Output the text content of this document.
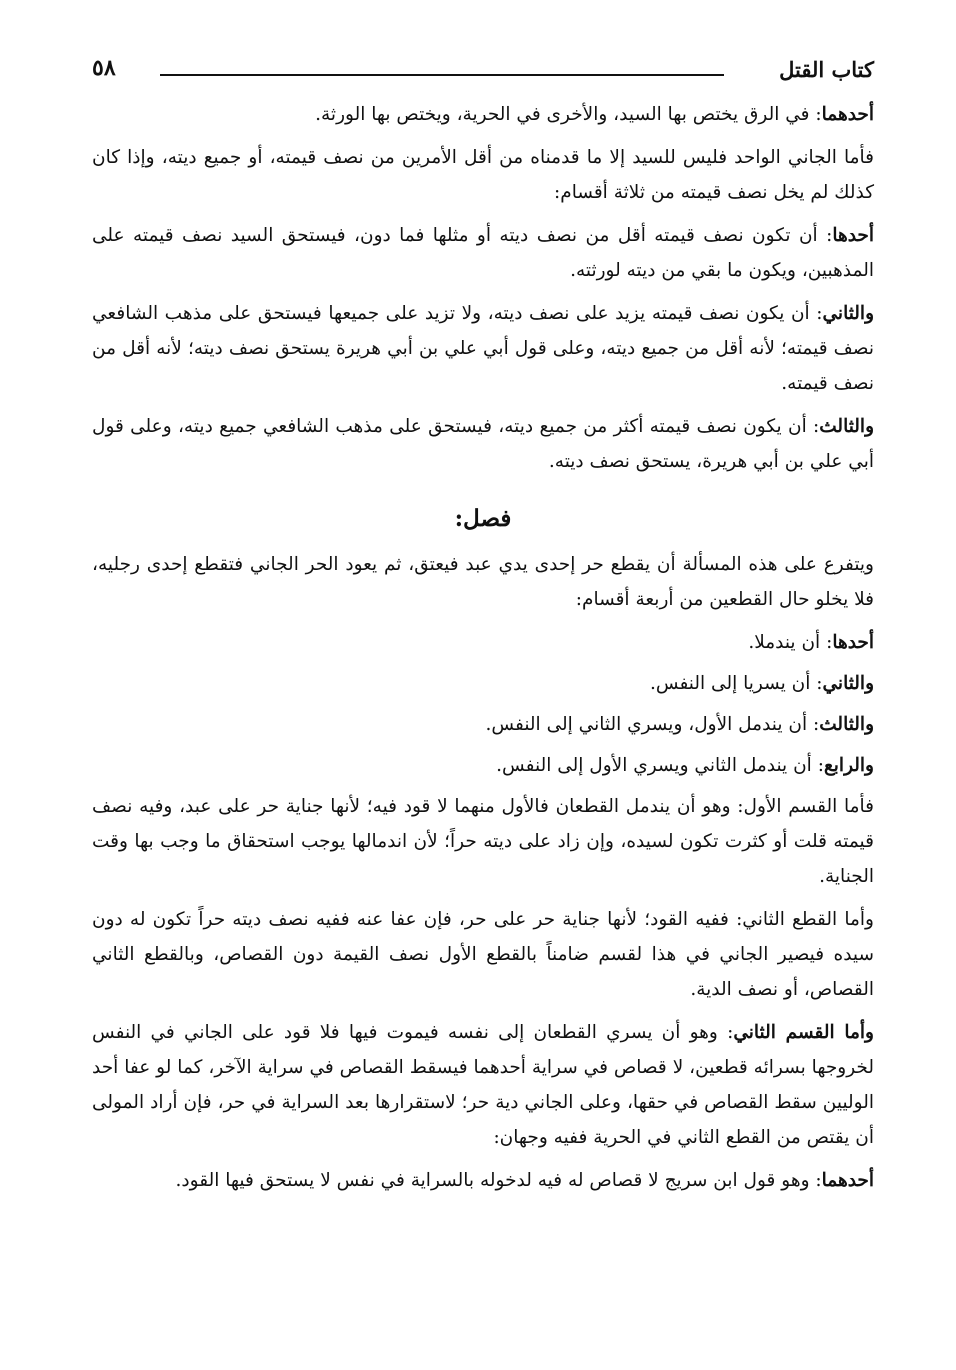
كتاب القتل
٥٨

أحدهما: في الرق يختص بها السيد، والأخرى في الحرية، ويختص بها الورثة.

فأما الجاني الواحد فليس للسيد إلا ما قدمناه من أقل الأمرين من نصف قيمته، أو جميع ديته، وإذا كان كذلك لم يخل نصف قيمته من ثلاثة أقسام:

أحدها: أن تكون نصف قيمته أقل من نصف ديته أو مثلها فما دون، فيستحق السيد نصف قيمته على المذهبين، ويكون ما بقي من ديته لورثته.

والثاني: أن يكون نصف قيمته يزيد على نصف ديته، ولا تزيد على جميعها فيستحق على مذهب الشافعي نصف قيمته؛ لأنه أقل من جميع ديته، وعلى قول أبي علي بن أبي هريرة يستحق نصف ديته؛ لأنه أقل من نصف قيمته.

والثالث: أن يكون نصف قيمته أكثر من جميع ديته، فيستحق على مذهب الشافعي جميع ديته، وعلى قول أبي علي بن أبي هريرة، يستحق نصف ديته.

فصل:

ويتفرع على هذه المسألة أن يقطع حر إحدى يدي عبد فيعتق، ثم يعود الحر الجاني فتقطع إحدى رجليه، فلا يخلو حال القطعين من أربعة أقسام:

أحدها: أن يندملا.

والثاني: أن يسريا إلى النفس.

والثالث: أن يندمل الأول، ويسري الثاني إلى النفس.

والرابع: أن يندمل الثاني ويسري الأول إلى النفس.

فأما القسم الأول: وهو أن يندمل القطعان فالأول منهما لا قود فيه؛ لأنها جناية حر على عبد، وفيه نصف قيمته قلت أو كثرت تكون لسيده، وإن زاد على ديته حراً؛ لأن اندمالها يوجب استحقاق ما وجب بها وقت الجناية.

وأما القطع الثاني: ففيه القود؛ لأنها جناية حر على حر، فإن عفا عنه ففيه نصف ديته حراً تكون له دون سيده فيصير الجاني في هذا لقسم ضامناً بالقطع الأول نصف القيمة دون القصاص، وبالقطع الثاني القصاص، أو نصف الدية.

وأما القسم الثاني: وهو أن يسري القطعان إلى نفسه فيموت فيها فلا قود على الجاني في النفس لخروجها بسرائه قطعين، لا قصاص في سراية أحدهما فيسقط القصاص في سراية الآخر، كما لو عفا أحد الوليين سقط القصاص في حقها، وعلى الجاني دية حر؛ لاستقرارها بعد السراية في حر، فإن أراد المولى أن يقتص من القطع الثاني في الحرية ففيه وجهان:

أحدهما: وهو قول ابن سريج لا قصاص له فيه لدخوله بالسراية في نفس لا يستحق فيها القود.
